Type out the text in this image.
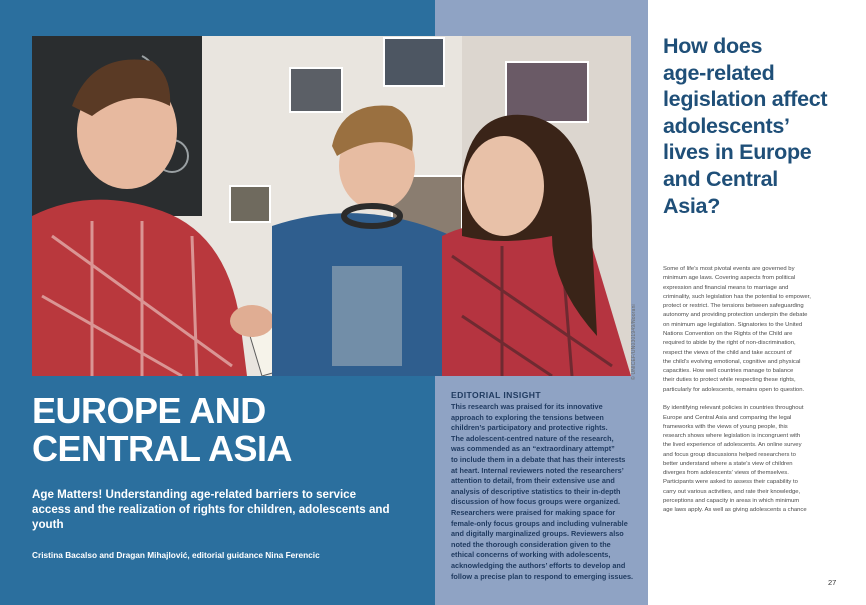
© UNICEF/UN0301949/Noorani
EUROPE AND
CENTRAL ASIA
Age Matters! Understanding age-related barriers to service access and the realization of rights for children, adolescents and youth
Cristina Bacalso and Dragan Mihajlović, editorial guidance Nina Ferencic
EDITORIAL INSIGHT
This research was praised for its innovative
approach to exploring the tensions between
children’s participatory and protective rights.
The adolescent-centred nature of the research,
was commended as an “extraordinary attempt”
to include them in a debate that has their interests
at heart. Internal reviewers noted the researchers’
attention to detail, from their extensive use and
analysis of descriptive statistics to their in-depth
discussion of how focus groups were organized.
Researchers were praised for making space for
female-only focus groups and including vulnerable
and digitally marginalized groups. Reviewers also
noted the thorough consideration given to the
ethical concerns of working with adolescents,
acknowledging the authors’ efforts to develop and
follow a precise plan to respond to emerging issues.
How does
age-related
legislation affect
adolescents’
lives in Europe
and Central
Asia?
Some of life’s most pivotal events are governed by
minimum age laws. Covering aspects from political
expression and financial means to marriage and
criminality, such legislation has the potential to empower,
protect or restrict. The tensions between safeguarding
autonomy and providing protection underpin the debate
on minimum age legislation. Signatories to the United
Nations Convention on the Rights of the Child are
required to abide by the right of non-discrimination,
respect the views of the child and take account of
the child’s evolving emotional, cognitive and physical
capacities. How well countries manage to balance
their duties to protect while respecting these rights,
particularly for adolescents, remains open to question.

By identifying relevant policies in countries throughout
Europe and Central Asia and comparing the legal
frameworks with the views of young people, this
research shows where legislation is incongruent with
the lived experience of adolescents. An online survey
and focus group discussions helped researchers to
better understand where a state’s view of children
diverges from adolescents’ views of themselves.
Participants were asked to assess their capability to
carry out various activities, and rate their knowledge,
perceptions and capacity in areas in which minimum
age laws apply. As well as giving adolescents a chance
27
